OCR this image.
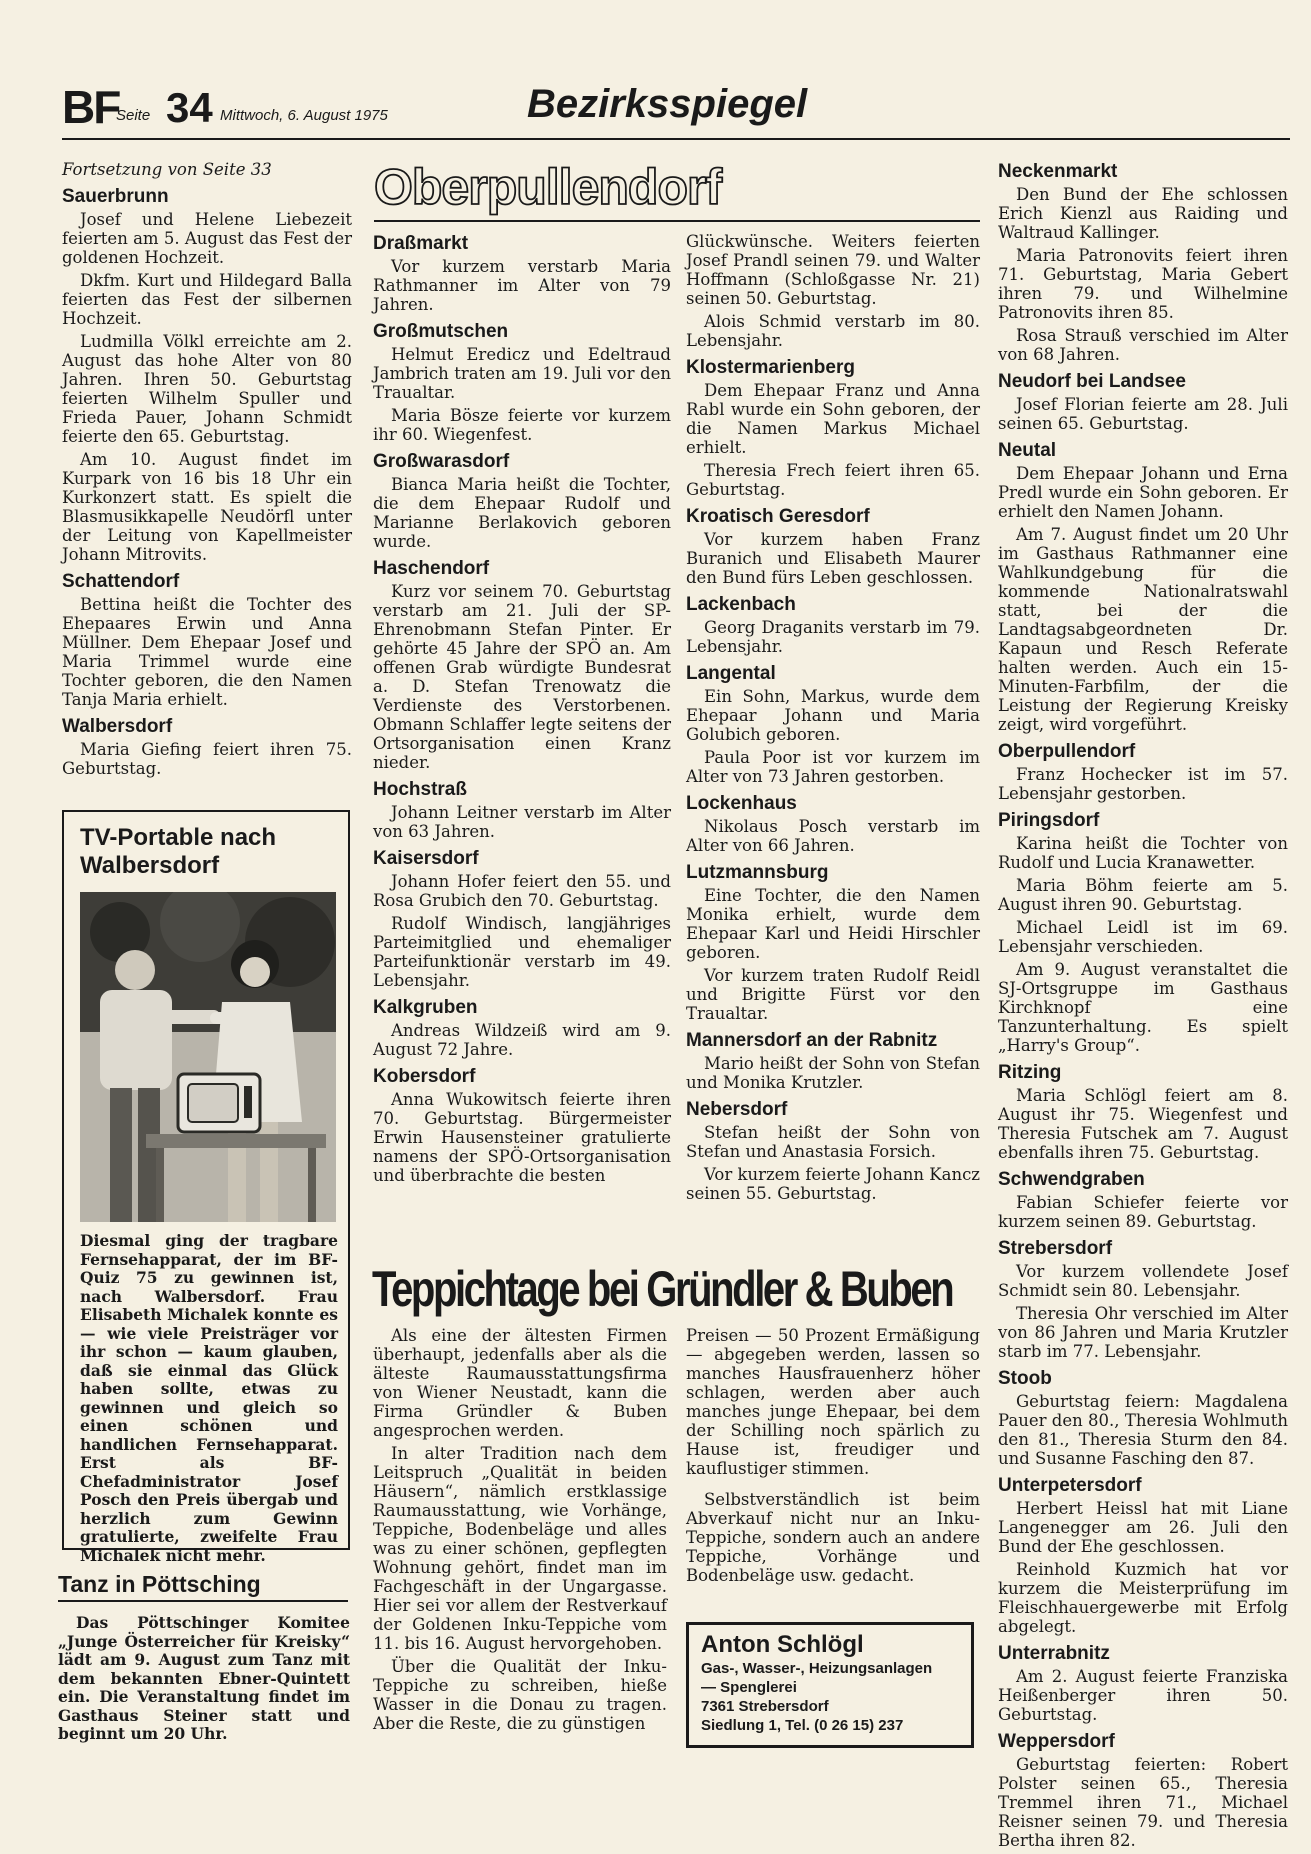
BF
Seite 34 Mittwoch, 6. August 1975	Bezirksspiegel

Fortsetzung von Seite 33

Sauerbrunn

Josef und Helene Liebezeit feierten am 5. August das Fest der goldenen Hochzeit.

Dkfm. Kurt und Hildegard Balla feierten das Fest der silbernen Hochzeit.

Ludmilla Völkl erreichte am 2. August das hohe Alter von 80 Jahren. Ihren 50. Geburtstag feierten Wilhelm Spuller und Frieda Pauer, Johann Schmidt feierte den 65. Geburtstag.

Am 10. August findet im Kurpark von 16 bis 18 Uhr ein Kurkonzert statt. Es spielt die Blasmusikkapelle Neudörfl unter der Leitung von Kapellmeister Johann Mitrovits.

Schattendorf

Bettina heißt die Tochter des Ehepaares Erwin und Anna Müllner. Dem Ehepaar Josef und Maria Trimmel wurde eine Tochter geboren, die den Namen Tanja Maria erhielt.

Walbersdorf

Maria Giefing feiert ihren 75. Geburtstag.

TV-Portable nach Walbersdorf

Diesmal ging der tragbare Fernsehapparat, der im BF-Quiz 75 zu gewinnen ist, nach Walbersdorf. Frau Elisabeth Michalek konnte es — wie viele Preisträger vor ihr schon — kaum glauben, daß sie einmal das Glück haben sollte, etwas zu gewinnen und gleich so einen schönen und handlichen Fernsehapparat. Erst als BF-Chefadministrator Josef Posch den Preis übergab und herzlich zum Gewinn gratulierte, zweifelte Frau Michalek nicht mehr.

Tanz in Pöttsching

Das Pöttschinger Komitee „Junge Österreicher für Kreisky“ lädt am 9. August zum Tanz mit dem bekannten Ebner-Quintett ein. Die Veranstaltung findet im Gasthaus Steiner statt und beginnt um 20 Uhr.

Oberpullendorf
Draßmarkt

Vor kurzem verstarb Maria Rathmanner im Alter von 79 Jahren.

Großmutschen

Helmut Eredicz und Edeltraud Jambrich traten am 19. Juli vor den Traualtar.

Maria Bösze feierte vor kurzem ihr 60. Wiegenfest.

Großwarasdorf

Bianca Maria heißt die Tochter, die dem Ehepaar Rudolf und Marianne Berlakovich geboren wurde.

Haschendorf

Kurz vor seinem 70. Geburtstag verstarb am 21. Juli der SP-Ehrenobmann Stefan Pinter. Er gehörte 45 Jahre der SPÖ an. Am offenen Grab würdigte Bundesrat a. D. Stefan Trenowatz die Verdienste des Verstorbenen. Obmann Schlaffer legte seitens der Ortsorganisation einen Kranz nieder.

Hochstraß

Johann Leitner verstarb im Alter von 63 Jahren.

Kaisersdorf

Johann Hofer feiert den 55. und Rosa Grubich den 70. Geburtstag.

Rudolf Windisch, langjähriges Parteimitglied und ehemaliger Parteifunktionär verstarb im 49. Lebensjahr.

Kalkgruben

Andreas Wildzeiß wird am 9. August 72 Jahre.

Kobersdorf

Anna Wukowitsch feierte ihren 70. Geburtstag. Bürgermeister Erwin Hausensteiner gratulierte namens der SPÖ-Ortsorganisation und überbrachte die besten

Glückwünsche. Weiters feierten Josef Prandl seinen 79. und Walter Hoffmann (Schloßgasse Nr. 21) seinen 50. Geburtstag.

Alois Schmid verstarb im 80. Lebensjahr.

Klostermarienberg

Dem Ehepaar Franz und Anna Rabl wurde ein Sohn geboren, der die Namen Markus Michael erhielt.

Theresia Frech feiert ihren 65. Geburtstag.

Kroatisch Geresdorf

Vor kurzem haben Franz Buranich und Elisabeth Maurer den Bund fürs Leben geschlossen.

Lackenbach

Georg Draganits verstarb im 79. Lebensjahr.

Langental

Ein Sohn, Markus, wurde dem Ehepaar Johann und Maria Golubich geboren.

Paula Poor ist vor kurzem im Alter von 73 Jahren gestorben.

Lockenhaus

Nikolaus Posch verstarb im Alter von 66 Jahren.

Lutzmannsburg

Eine Tochter, die den Namen Monika erhielt, wurde dem Ehepaar Karl und Heidi Hirschler geboren.

Vor kurzem traten Rudolf Reidl und Brigitte Fürst vor den Traualtar.

Mannersdorf an der Rabnitz

Mario heißt der Sohn von Stefan und Monika Krutzler.

Nebersdorf

Stefan heißt der Sohn von Stefan und Anastasia Forsich.

Vor kurzem feierte Johann Kancz seinen 55. Geburtstag.

Neckenmarkt

Den Bund der Ehe schlossen Erich Kienzl aus Raiding und Waltraud Kallinger.

Maria Patronovits feiert ihren 71. Geburtstag, Maria Gebert ihren 79. und Wilhelmine Patronovits ihren 85.

Rosa Strauß verschied im Alter von 68 Jahren.

Neudorf bei Landsee

Josef Florian feierte am 28. Juli seinen 65. Geburtstag.

Neutal

Dem Ehepaar Johann und Erna Predl wurde ein Sohn geboren. Er erhielt den Namen Johann.

Am 7. August findet um 20 Uhr im Gasthaus Rathmanner eine Wahlkundgebung für die kommende Nationalratswahl statt, bei der die Landtagsabgeordneten Dr. Kapaun und Resch Referate halten werden. Auch ein 15-Minuten-Farbfilm, der die Leistung der Regierung Kreisky zeigt, wird vorgeführt.

Oberpullendorf

Franz Hochecker ist im 57. Lebensjahr gestorben.

Piringsdorf

Karina heißt die Tochter von Rudolf und Lucia Kranawetter.

Maria Böhm feierte am 5. August ihren 90. Geburtstag.

Michael Leidl ist im 69. Lebensjahr verschieden.

Am 9. August veranstaltet die SJ-Ortsgruppe im Gasthaus Kirchknopf eine Tanzunterhaltung. Es spielt „Harry's Group“.

Ritzing

Maria Schlögl feiert am 8. August ihr 75. Wiegenfest und Theresia Futschek am 7. August ebenfalls ihren 75. Geburtstag.

Schwendgraben

Fabian Schiefer feierte vor kurzem seinen 89. Geburtstag.

Strebersdorf

Vor kurzem vollendete Josef Schmidt sein 80. Lebensjahr.

Theresia Ohr verschied im Alter von 86 Jahren und Maria Krutzler starb im 77. Lebensjahr.

Stoob

Geburtstag feiern: Magdalena Pauer den 80., Theresia Wohlmuth den 81., Theresia Sturm den 84. und Susanne Fasching den 87.

Unterpetersdorf

Herbert Heissl hat mit Liane Langenegger am 26. Juli den Bund der Ehe geschlossen.

Reinhold Kuzmich hat vor kurzem die Meisterprüfung im Fleischhauergewerbe mit Erfolg abgelegt.

Unterrabnitz

Am 2. August feierte Franziska Heißenberger ihren 50. Geburtstag.

Weppersdorf

Geburtstag feierten: Robert Polster seinen 65., Theresia Tremmel ihren 71., Michael Reisner seinen 79. und Theresia Bertha ihren 82.

Teppichtage bei Gründler & Buben

Als eine der ältesten Firmen überhaupt, jedenfalls aber als die älteste Raumausstattungsfirma von Wiener Neustadt, kann die Firma Gründler & Buben angesprochen werden.

In alter Tradition nach dem Leitspruch „Qualität in beiden Häusern“, nämlich erstklassige Raumausstattung, wie Vorhänge, Teppiche, Bodenbeläge und alles was zu einer schönen, gepflegten Wohnung gehört, findet man im Fachgeschäft in der Ungargasse. Hier sei vor allem der Restverkauf der Goldenen Inku-Teppiche vom 11. bis 16. August hervorgehoben.

Über die Qualität der Inku-Teppiche zu schreiben, hieße Wasser in die Donau zu tragen. Aber die Reste, die zu günstigen

Preisen — 50 Prozent Ermäßigung — abgegeben werden, lassen so manches Hausfrauenherz höher schlagen, werden aber auch manches junge Ehepaar, bei dem der Schilling noch spärlich zu Hause ist, freudiger und kauflustiger stimmen.

Selbstverständlich ist beim Abverkauf nicht nur an Inku-Teppiche, sondern auch an andere Teppiche, Vorhänge und Bodenbeläge usw. gedacht.

Anton Schlögl
Gas-, Wasser-, Heizungsanlagen
— Spenglerei
7361 Strebersdorf
Siedlung 1, Tel. (0 26 15) 237
